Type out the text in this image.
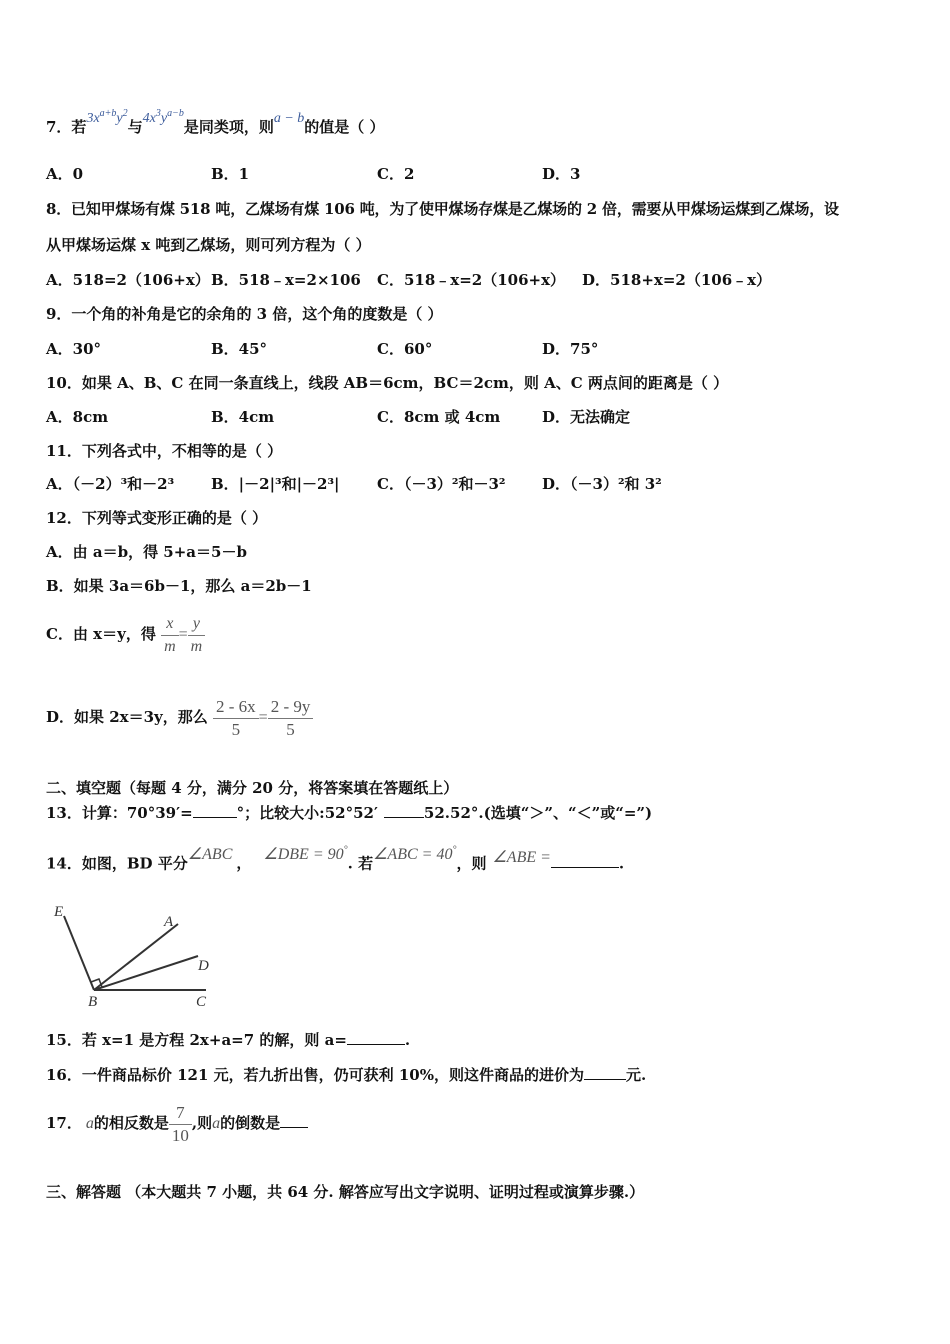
7．若$3x^{a+b}y^2$与$4x^3y^{a-b}$是同类项，则a − b的值是（ ）
A．0	B．1	C．2	D．3
8．已知甲煤场有煤 518 吨，乙煤场有煤 106 吨，为了使甲煤场存煤是乙煤场的 2 倍，需要从甲煤场运煤到乙煤场，设
从甲煤场运煤 x 吨到乙煤场，则可列方程为（ ）
A．518=2（106+x） B．518﹣x=2×106 C．518﹣x=2（106+x） D．518+x=2（106﹣x）
9．一个角的补角是它的余角的 3 倍，这个角的度数是（ ）
A．30°	B．45°	C．60°	D．75°
10．如果 A、B、C 在同一条直线上，线段 AB＝6cm，BC＝2cm，则 A、C 两点间的距离是（ ）
A．8cm	B．4cm	C．8cm 或 4cm	D．无法确定
11．下列各式中，不相等的是（ ）
A．（－2）³和－2³ B．|－2|³和|－2³| C．（－3）²和－3² D．（－3）²和 3²
12．下列等式变形正确的是（ ）
A．由 a＝b，得 5+a＝5－b
B．如果 3a＝6b－1，那么 a＝2b－1
C．由 x＝y，得 $\frac{x}{m} = \frac{y}{m}$
D．如果 2x＝3y，那么 $\frac{2 - 6x}{5} = \frac{2 - 9y}{5}$
二、填空题（每题 4 分，满分 20 分，将答案填在答题纸上）
13．计算：70°39′=	°；比较大小:52°52′	52.52°.(选填“＞”、“＜”或“=”)
14．如图，BD 平分∠ABC ， ∠DBE = 90°. 若∠ABC = 40°，则 ∠ABE =	.
E
A
D
B	C
15．若 x=1 是方程 2x+a=7 的解，则 a=	.
16．一件商品标价 121 元，若九折出售，仍可获利 10%，则这件商品的进价为	元.
17． a的相反数是 $\frac{7}{10}$ ,则a的倒数是
三、解答题 （本大题共 7 小题，共 64 分. 解答应写出文字说明、证明过程或演算步骤.）
